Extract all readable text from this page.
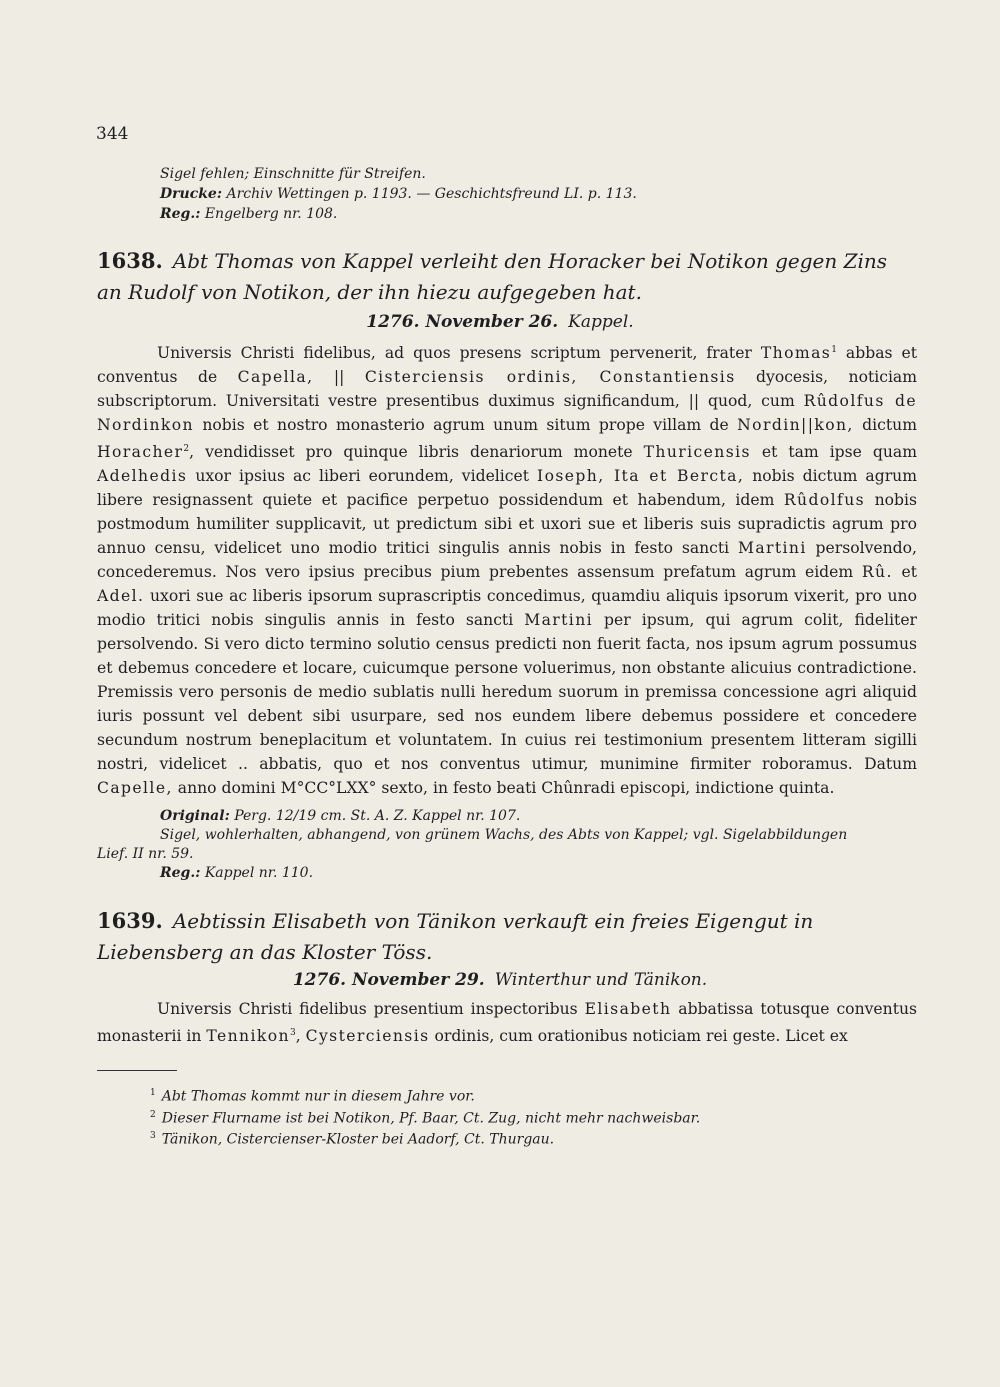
344
Sigel fehlen; Einschnitte für Streifen.
Drucke: Archiv Wettingen p. 1193. — Geschichtsfreund LI. p. 113.
Reg.: Engelberg nr. 108.
1638. Abt Thomas von Kappel verleiht den Horacker bei Notikon gegen Zins an Rudolf von Notikon, der ihn hiezu aufgegeben hat.
1276. November 26. Kappel.

Universis Christi fidelibus, ad quos presens scriptum pervenerit, frater Thomas$^1$ abbas et conventus de Capella, || Cisterciensis ordinis, Constantiensis dyocesis, noticiam subscriptorum. Universitati vestre presentibus duximus significandum, || quod, cum Rûdolfus de Nordinkon nobis et nostro monasterio agrum unum situm prope villam de Nordin||kon, dictum Horacher$^2$, vendidisset pro quinque libris denariorum monete Thuricensis et tam ipse quam Adelhedis uxor ipsius ac liberi eorundem, videlicet Ioseph, Ita et Bercta, nobis dictum agrum libere resignassent quiete et pacifice perpetuo possidendum et habendum, idem Rûdolfus nobis postmodum humiliter supplicavit, ut predictum sibi et uxori sue et liberis suis supradictis agrum pro annuo censu, videlicet uno modio tritici singulis annis nobis in festo sancti Martini persolvendo, concederemus. Nos vero ipsius precibus pium prebentes assensum prefatum agrum eidem Rû. et Adel. uxori sue ac liberis ipsorum suprascriptis concedimus, quamdiu aliquis ipsorum vixerit, pro uno modio tritici nobis singulis annis in festo sancti Martini per ipsum, qui agrum colit, fideliter persolvendo. Si vero dicto termino solutio census predicti non fuerit facta, nos ipsum agrum possumus et debemus concedere et locare, cuicumque persone voluerimus, non obstante alicuius contradictione. Premissis vero personis de medio sublatis nulli heredum suorum in premissa concessione agri aliquid iuris possunt vel debent sibi usurpare, sed nos eundem libere debemus possidere et concedere secundum nostrum beneplacitum et voluntatem. In cuius rei testimonium presentem litteram sigilli nostri, videlicet .. abbatis, quo et nos conventus utimur, munimine firmiter roboramus. Datum Capelle, anno domini M°CC°LXX° sexto, in festo beati Chûnradi episcopi, indictione quinta.

Original: Perg. 12/19 cm. St. A. Z. Kappel nr. 107.
Sigel, wohlerhalten, abhangend, von grünem Wachs, des Abts von Kappel; vgl. Sigelabbildungen
Lief. II nr. 59.
Reg.: Kappel nr. 110.
1639. Aebtissin Elisabeth von Tänikon verkauft ein freies Eigengut in Liebensberg an das Kloster Töss.
1276. November 29. Winterthur und Tänikon.

Universis Christi fidelibus presentium inspectoribus Elisabeth abbatissa totusque conventus monasterii in Tennikon$^3$, Cysterciensis ordinis, cum orationibus noticiam rei geste. Licet ex

$^1$ Abt Thomas kommt nur in diesem Jahre vor.
$^2$ Dieser Flurname ist bei Notikon, Pf. Baar, Ct. Zug, nicht mehr nachweisbar.
$^3$ Tänikon, Cistercienser-Kloster bei Aadorf, Ct. Thurgau.
